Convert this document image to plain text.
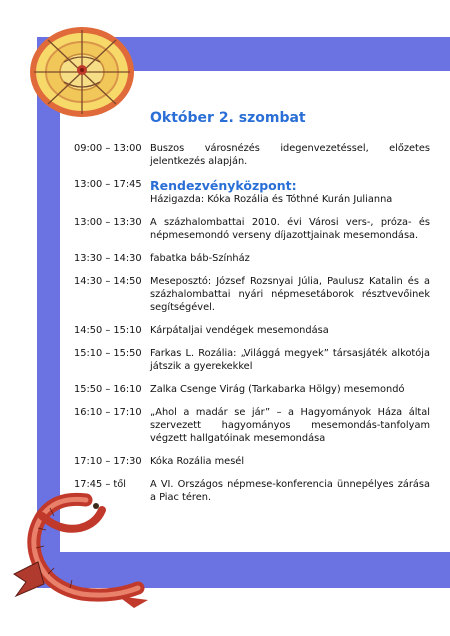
Október 2. szombat
09:00 – 13:00 Buszos városnézés idegenvezetéssel, előzetes jelentkezés alapján.
13:00 – 17:45 Rendezvényközpont:
Házigazda: Kóka Rozália és Tóthné Kurán Julianna
13:00 – 13:30 A százhalombattai 2010. évi Városi vers-, próza- és népmesemondó verseny díjazottjainak mesemondása.
13:30 – 14:30 fabatka báb-Színház
14:30 – 14:50 Meseposztó: József Rozsnyai Júlia, Paulusz Katalin és a százhalombattai nyári népmesetáborok résztvevőinek segítségével.
14:50 – 15:10 Kárpátaljai vendégek mesemondása
15:10 – 15:50 Farkas L. Rozália: „Világgá megyek” társasjáték alkotója játszik a gyerekekkel
15:50 – 16:10 Zalka Csenge Virág (Tarkabarka Hölgy) mesemondó
16:10 – 17:10 „Ahol a madár se jár” – a Hagyományok Háza által szervezett hagyományos mesemondás-tanfolyam végzett hallgatóinak mesemondása
17:10 – 17:30 Kóka Rozália mesél
17:45 – től	A VI. Országos népmese-konferencia ünnepélyes zárása a Piac téren.
